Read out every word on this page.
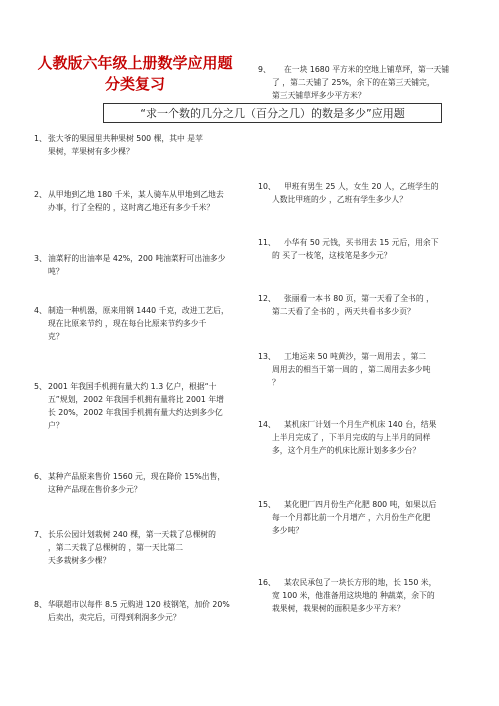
人教版六年级上册数学应用题
分类复习
“求一个数的几分之几（百分之几）的数是多少”应用题
1、张大爷的果园里共种果树 500 棵，其中 是苹
果树，苹果树有多少棵？
2、从甲地到乙地 180 千米，某人骑车从甲地到乙地去
办事，行了全程的 ，这时离乙地还有多少千米？
3、油菜籽的出油率是 42%，200 吨油菜籽可出油多少
吨？
4、制造一种机器，原来用钢 1440 千克，改进工艺后，
现在比原来节约 ，现在每台比原来节约多少千
克？
5、2001 年我国手机拥有量大约 1.3 亿户，根据“十
五”规划，2002 年我国手机拥有量将比 2001 年增
长 20%，2002 年我国手机拥有量大约达到多少亿
户？
6、某种产品原来售价 1560 元，现在降价 15%出售，
这种产品现在售价多少元？
7、长乐公园计划栽树 240 棵，第一天栽了总棵树的
，第二天栽了总棵树的 ，第一天比第二
天多栽树多少棵？
8、华联超市以每件 8.5 元购进 120 枝钢笔，加价 20%
后卖出，卖完后，可得到利润多少元？
9、 在一块 1680 平方米的空地上铺草坪，第一天铺
了 ，第二天铺了 25%，余下的在第三天铺完，
第三天铺草坪多少平方米？
10、 甲班有男生 25 人，女生 20 人，乙班学生的
人数比甲班的少 ，乙班有学生多少人？
11、 小华有 50 元钱，买书用去 15 元后，用余下
的 买了一枝笔，这枝笔是多少元？
12、 张丽看一本书 80 页，第一天看了全书的 ，
第二天看了全书的 ，两天共看书多少页？
13、 工地运来 50 吨黄沙，第一周用去 ，第二
周用去的相当于第一周的 ，第二周用去多少吨
？
14、 某机床厂计划一个月生产机床 140 台，结果
上半月完成了 ，下半月完成的与上半月的同样
多，这个月生产的机床比原计划多多少台？
15、 某化肥厂四月份生产化肥 800 吨，如果以后
每一个月都比前一个月增产 ，六月份生产化肥
多少吨？
16、 某农民承包了一块长方形的地，长 150 米，
宽 100 米，他准备用这块地的 种蔬菜，余下的
栽果树，栽果树的面积是多少平方米？
